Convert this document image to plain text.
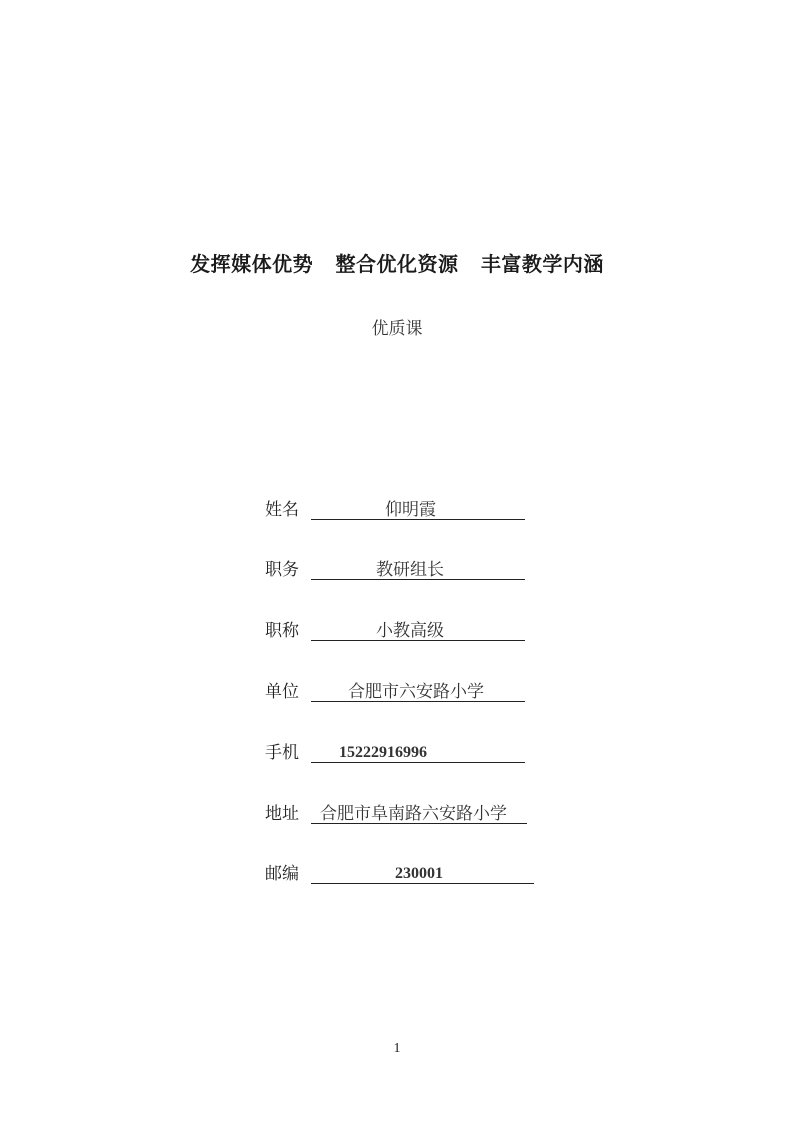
发挥媒体优势   整合优化资源   丰富教学内涵
优质课
姓名	仰明霞
职务	教研组长
职称	小教高级
单位	合肥市六安路小学
手机	15222916996
地址	合肥市阜南路六安路小学
邮编	230001
1
